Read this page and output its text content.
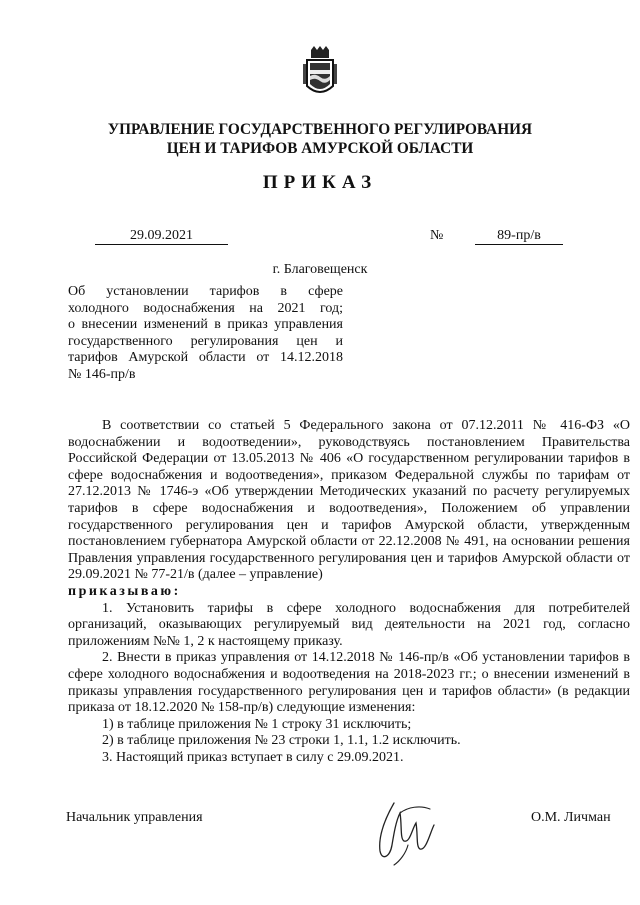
УПРАВЛЕНИЕ ГОСУДАРСТВЕННОГО РЕГУЛИРОВАНИЯ
ЦЕН И ТАРИФОВ АМУРСКОЙ ОБЛАСТИ
ПРИКАЗ
29.09.2021	№	89-пр/в
г. Благовещенск
Об установлении тарифов в сфере
холодного водоснабжения на 2021 год;
о внесении изменений в приказ управления
государственного регулирования цен и
тарифов Амурской области от 14.12.2018
№ 146-пр/в

В соответствии со статьей 5 Федерального закона от 07.12.2011 № 416-ФЗ «О водоснабжении и водоотведении», руководствуясь постановлением Правительства Российской Федерации от 13.05.2013 № 406 «О государственном регулировании тарифов в сфере водоснабжения и водоотведения», приказом Федеральной службы по тарифам от 27.12.2013 № 1746-э «Об утверждении Методических указаний по расчету регулируемых тарифов в сфере водоснабжения и водоотведения», Положением об управлении государственного регулирования цен и тарифов Амурской области, утвержденным постановлением губернатора Амурской области от 22.12.2008 № 491, на основании решения Правления управления государственного регулирования цен и тарифов Амурской области от 29.09.2021 № 77-21/в (далее – управление)

приказываю:

1. Установить тарифы в сфере холодного водоснабжения для потребителей организаций, оказывающих регулируемый вид деятельности на 2021 год, согласно приложениям №№ 1, 2 к настоящему приказу.

2. Внести в приказ управления от 14.12.2018 № 146-пр/в «Об установлении тарифов в сфере холодного водоснабжения и водоотведения на 2018-2023 гг.; о внесении изменений в приказы управления государственного регулирования цен и тарифов области» (в редакции приказа от 18.12.2020 № 158-пр/в) следующие изменения:

1) в таблице приложения № 1 строку 31 исключить;

2) в таблице приложения № 23 строки 1, 1.1, 1.2 исключить.

3. Настоящий приказ вступает в силу с 29.09.2021.

Начальник управления	О.М. Личман
